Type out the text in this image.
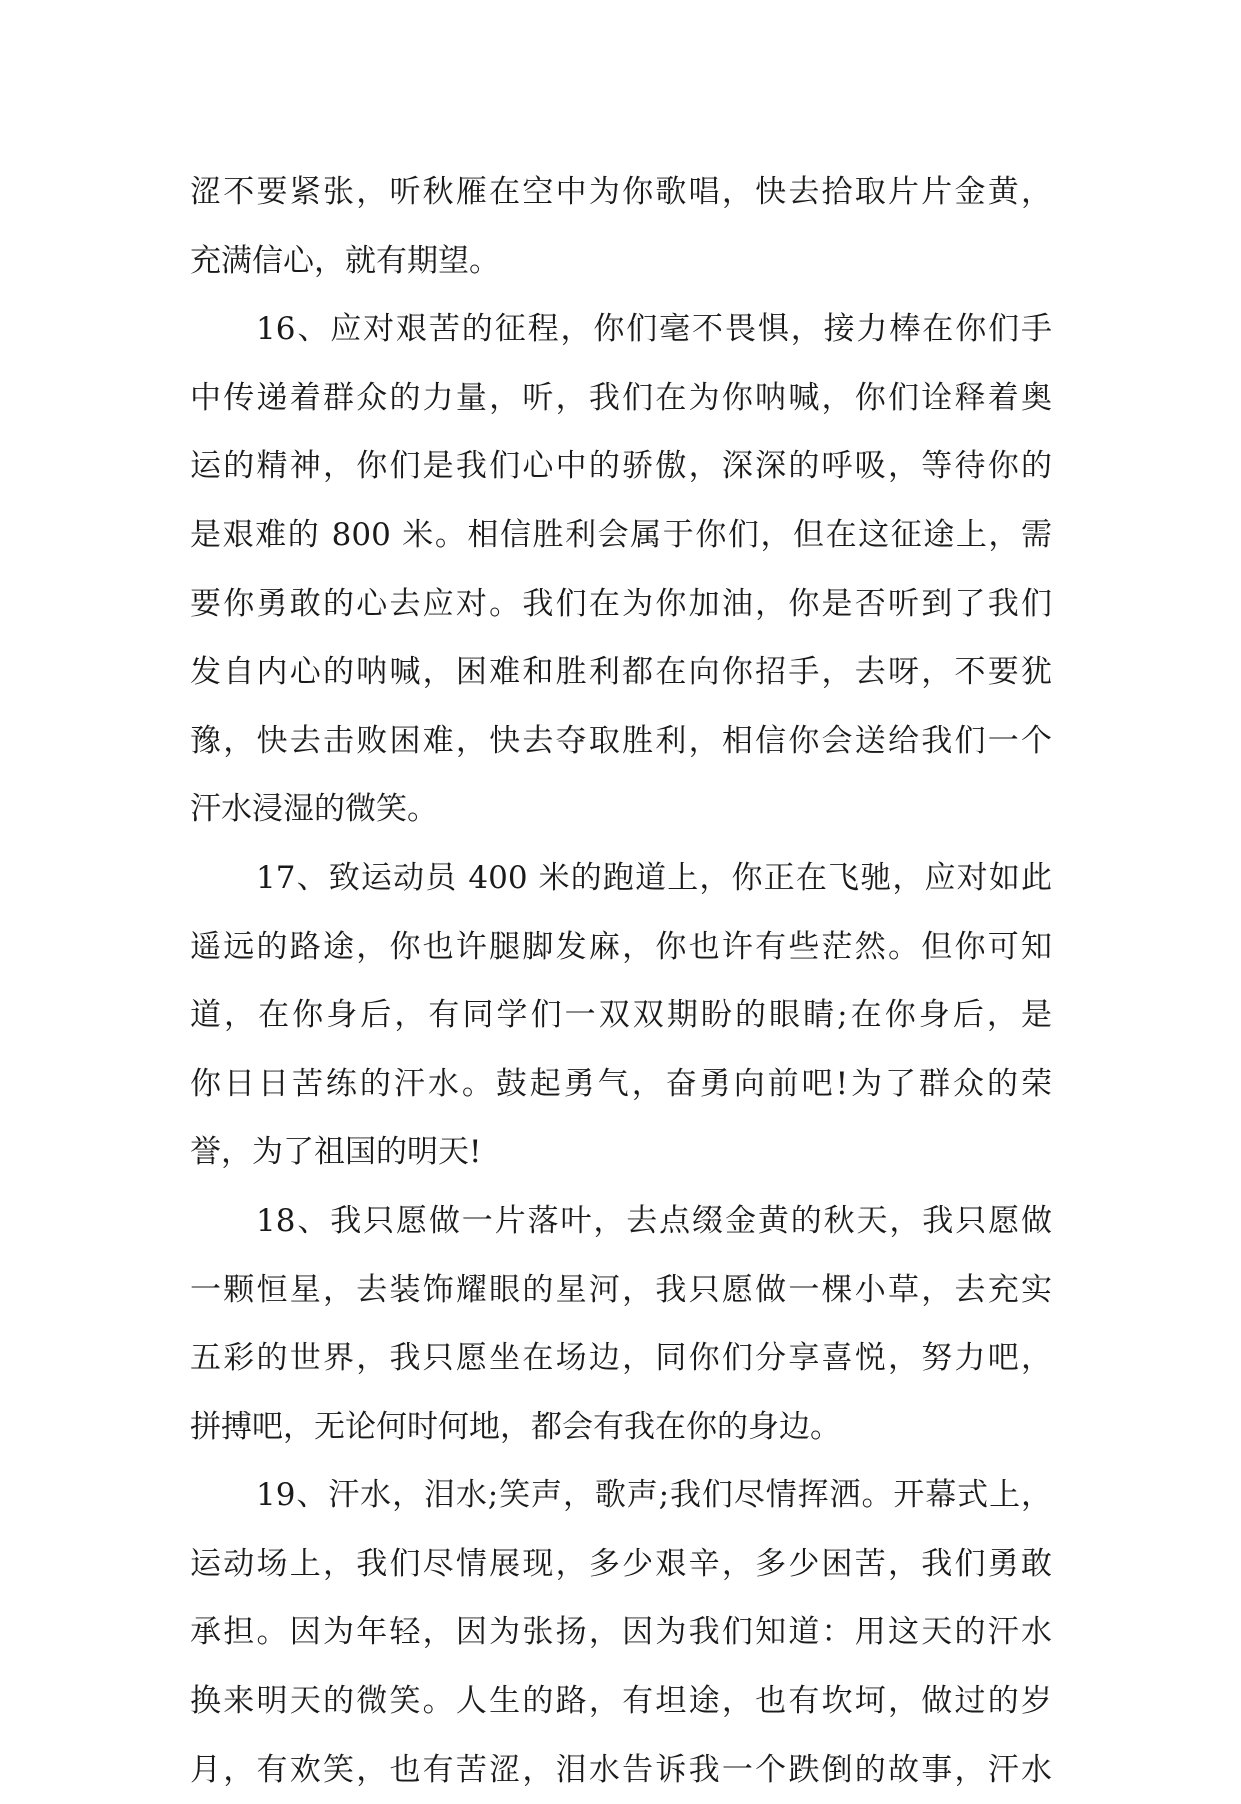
涩不要紧张，听秋雁在空中为你歌唱，快去拾取片片金黄，
充满信心，就有期望。
16、应对艰苦的征程，你们毫不畏惧，接力棒在你们手
中传递着群众的力量，听，我们在为你呐喊，你们诠释着奥
运的精神，你们是我们心中的骄傲，深深的呼吸，等待你的
是艰难的 800 米。相信胜利会属于你们，但在这征途上，需
要你勇敢的心去应对。我们在为你加油，你是否听到了我们
发自内心的呐喊，困难和胜利都在向你招手，去呀，不要犹
豫，快去击败困难，快去夺取胜利，相信你会送给我们一个
汗水浸湿的微笑。
17、致运动员 400 米的跑道上，你正在飞驰，应对如此
遥远的路途，你也许腿脚发麻，你也许有些茫然。但你可知
道，在你身后，有同学们一双双期盼的眼睛;在你身后，是
你日日苦练的汗水。鼓起勇气，奋勇向前吧!为了群众的荣
誉，为了祖国的明天!
18、我只愿做一片落叶，去点缀金黄的秋天，我只愿做
一颗恒星，去装饰耀眼的星河，我只愿做一棵小草，去充实
五彩的世界，我只愿坐在场边，同你们分享喜悦，努力吧，
拼搏吧，无论何时何地，都会有我在你的身边。
19、汗水，泪水;笑声，歌声;我们尽情挥洒。开幕式上，
运动场上，我们尽情展现，多少艰辛，多少困苦，我们勇敢
承担。因为年轻，因为张扬，因为我们知道：用这天的汗水
换来明天的微笑。人生的路，有坦途，也有坎坷，做过的岁
月，有欢笑，也有苦涩，泪水告诉我一个跌倒的故事，汗水
